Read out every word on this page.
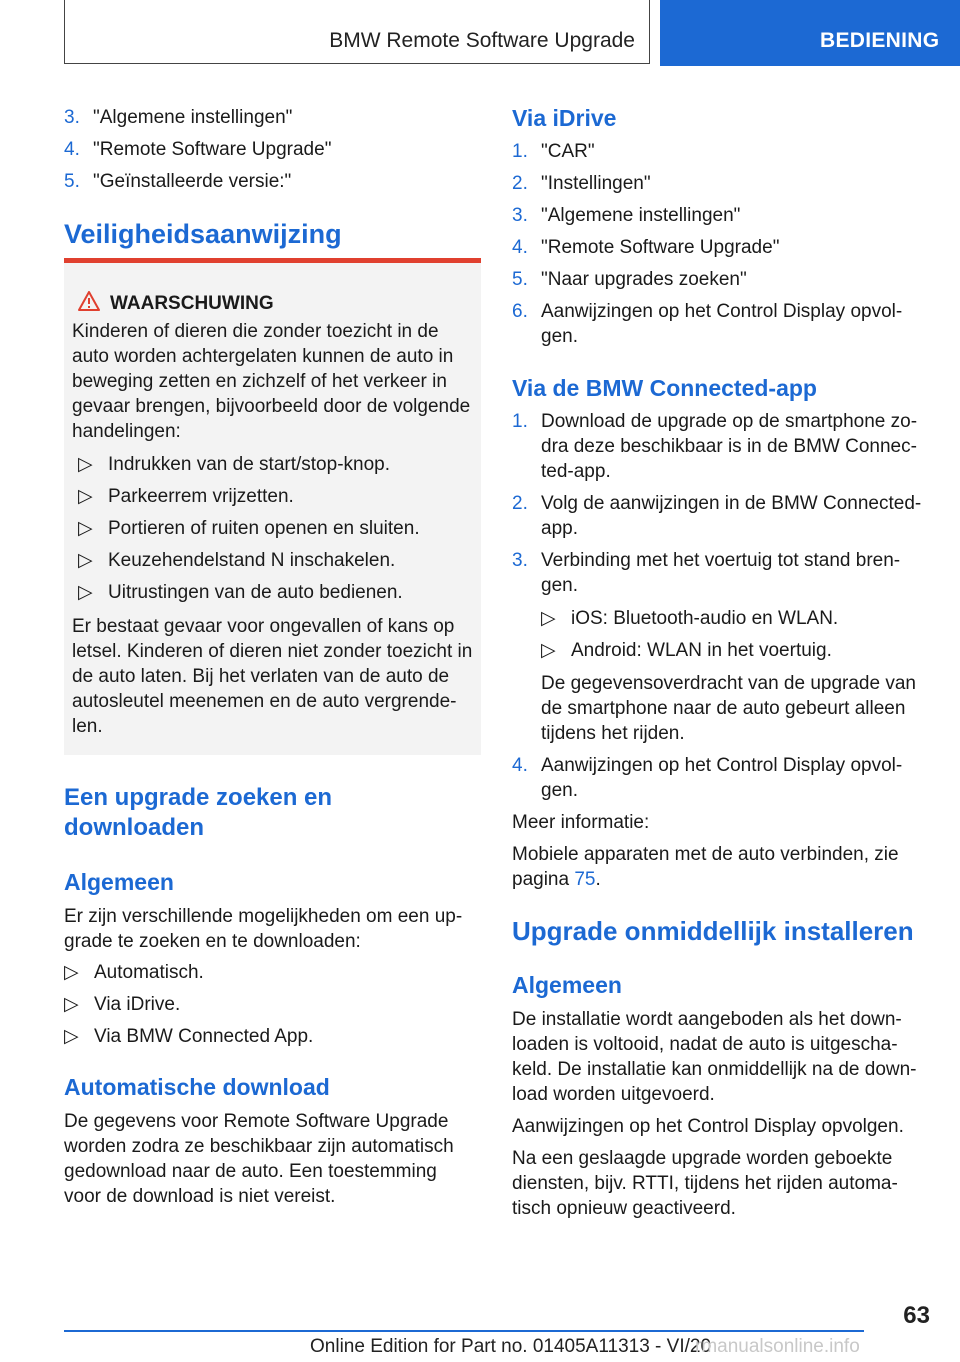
BMW Remote Software Upgrade	BEDIENING
3. "Algemene instellingen"
4. "Remote Software Upgrade"
5. "Geïnstalleerde versie:"
Veiligheidsaanwijzing
WAARSCHUWING
Kinderen of dieren die zonder toezicht in de
auto worden achtergelaten kunnen de auto in
beweging zetten en zichzelf of het verkeer in
gevaar brengen, bijvoorbeeld door de volgende
handelingen:
▷ Indrukken van de start/stop-knop.
▷ Parkeerrem vrijzetten.
▷ Portieren of ruiten openen en sluiten.
▷ Keuzehendelstand N inschakelen.
▷ Uitrustingen van de auto bedienen.
Er bestaat gevaar voor ongevallen of kans op
letsel. Kinderen of dieren niet zonder toezicht in
de auto laten. Bij het verlaten van de auto de
autosleutel meenemen en de auto vergrende-
len.
Een upgrade zoeken en
downloaden
Algemeen
Er zijn verschillende mogelijkheden om een up-
grade te zoeken en te downloaden:
▷ Automatisch.
▷ Via iDrive.
▷ Via BMW Connected App.
Automatische download
De gegevens voor Remote Software Upgrade
worden zodra ze beschikbaar zijn automatisch
gedownload naar de auto. Een toestemming
voor de download is niet vereist.
Via iDrive
1. "CAR"
2. "Instellingen"
3. "Algemene instellingen"
4. "Remote Software Upgrade"
5. "Naar upgrades zoeken"
6. Aanwijzingen op het Control Display opvol-
gen.
Via de BMW Connected-app
1. Download de upgrade op de smartphone zo-
dra deze beschikbaar is in de BMW Connec-
ted-app.
2. Volg de aanwijzingen in de BMW Connected-
app.
3. Verbinding met het voertuig tot stand bren-
gen.
▷ iOS: Bluetooth-audio en WLAN.
▷ Android: WLAN in het voertuig.
De gegevensoverdracht van de upgrade van
de smartphone naar de auto gebeurt alleen
tijdens het rijden.
4. Aanwijzingen op het Control Display opvol-
gen.
Meer informatie:
Mobiele apparaten met de auto verbinden, zie
pagina 75.
Upgrade onmiddellijk installeren
Algemeen
De installatie wordt aangeboden als het down-
loaden is voltooid, nadat de auto is uitgescha-
keld. De installatie kan onmiddellijk na de down-
load worden uitgevoerd.
Aanwijzingen op het Control Display opvolgen.
Na een geslaagde upgrade worden geboekte
diensten, bijv. RTTI, tijdens het rijden automa-
tisch opnieuw geactiveerd.
63
Online Edition for Part no. 01405A11313 - VI/20
rmanualsonline.info
